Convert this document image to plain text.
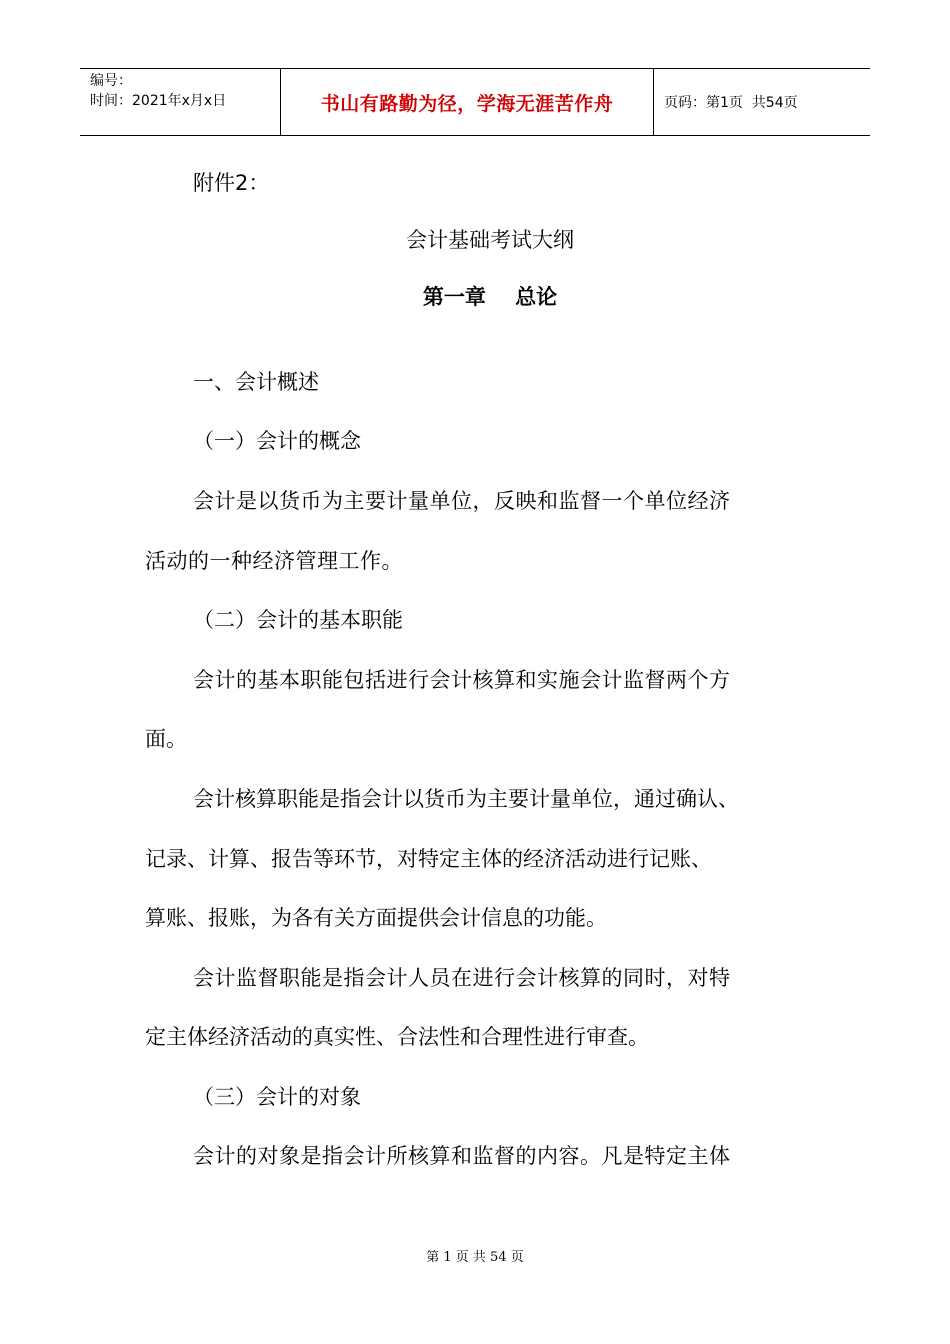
编号：
时间：2021年x月x日	书山有路勤为径，学海无涯苦作舟	页码：第1页  共54页
附件2：
会计基础考试大纲
第一章    总论
一、会计概述
（一）会计的概念
会计是以货币为主要计量单位，反映和监督一个单位经济
活动的一种经济管理工作。
（二）会计的基本职能
会计的基本职能包括进行会计核算和实施会计监督两个方
面。
会计核算职能是指会计以货币为主要计量单位，通过确认、
记录、计算、报告等环节，对特定主体的经济活动进行记账、
算账、报账，为各有关方面提供会计信息的功能。
会计监督职能是指会计人员在进行会计核算的同时，对特
定主体经济活动的真实性、合法性和合理性进行审查。
（三）会计的对象
会计的对象是指会计所核算和监督的内容。凡是特定主体
第 1 页 共 54 页
